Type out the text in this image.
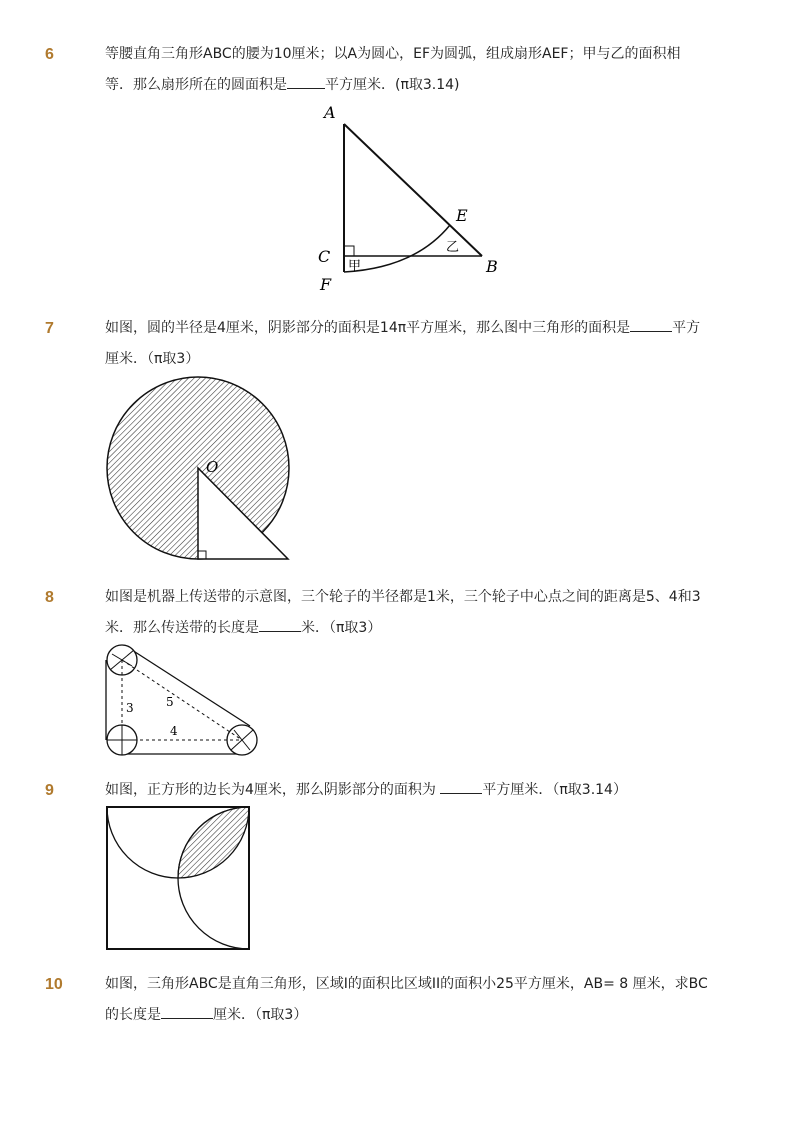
6	等腰直角三角形ABC的腰为10厘米；以A为圆心，EF为圆弧，组成扇形AEF；甲与乙的面积相
等．那么扇形所在的圆面积是	平方厘米．(π取3.14)
A
B
C
E
F
甲
乙
7	如图，圆的半径是4厘米，阴影部分的面积是14π平方厘米，那么图中三角形的面积是	平方
厘米．（π取3）
O
8	如图是机器上传送带的示意图，三个轮子的半径都是1米，三个轮子中心点之间的距离是5、4和3
米．那么传送带的长度是	米．（π取3）
3
4
5
9	如图，正方形的边长为4厘米，那么阴影部分的面积为	平方厘米．（π取3.14）
10	如图，三角形ABC是直角三角形，区域I的面积比区域II的面积小25平方厘米，AB= 8 厘米，求BC
的长度是	厘米．（π取3）
